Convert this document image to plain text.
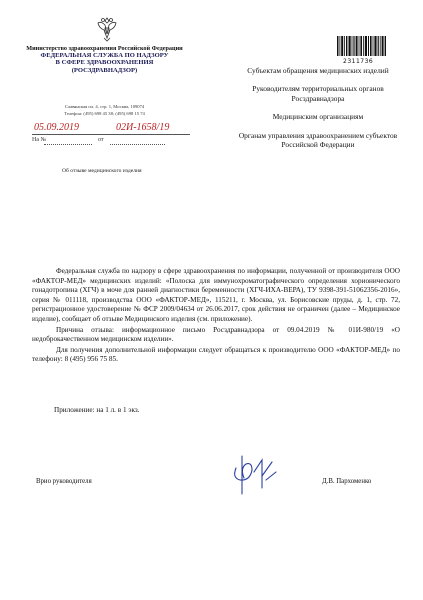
Министерство здравоохранения Российской Федерации
ФЕДЕРАЛЬНАЯ СЛУЖБА ПО НАДЗОРУ
В СФЕРЕ ЗДРАВООХРАНЕНИЯ
(РОСЗДРАВНАДЗОР)
Славянская пл. 4, стр. 1, Москва, 109074
Телефон: (495) 698 45 38; (495) 698 15 74
05.09.2019	02И-1658/19
На №	от
Об отзыве медицинского изделия
2311736
Субъектам обращения медицинских изделий
Руководителям территориальных органов Росздравнадзора
Медицинским организациям
Органам управления здравоохранением субъектов Российской Федерации

Федеральная служба по надзору в сфере здравоохранения по информации, полученной от производителя ООО «ФАКТОР-МЕД» медицинских изделий: «Полоска для иммунохроматографического определения хорионического гонадотропина (ХГЧ) в моче для ранней диагностики беременности (ХГЧ-ИХА-ВЕРА), ТУ 9398-391-51062356-2016», серия № 011118, производства ООО «ФАКТОР-МЕД», 115211, г. Москва, ул. Борисовские пруды, д. 1, стр. 72, регистрационное удостоверение № ФСР 2009/04634 от 26.06.2017, срок действия не ограничен (далее – Медицинское изделие), сообщает об отзыве Медицинского изделия (см. приложение).

Причина отзыва: информационное письмо Росздравнадзора от 09.04.2019 № 01И-980/19 «О недоброкачественном медицинском изделии».

Для получения дополнительной информации следует обращаться к производителю ООО «ФАКТОР-МЕД» по телефону: 8 (495) 956 75 85.

Приложение: на 1 л. в 1 экз.
Врио руководителя	Д.В. Пархоменко
